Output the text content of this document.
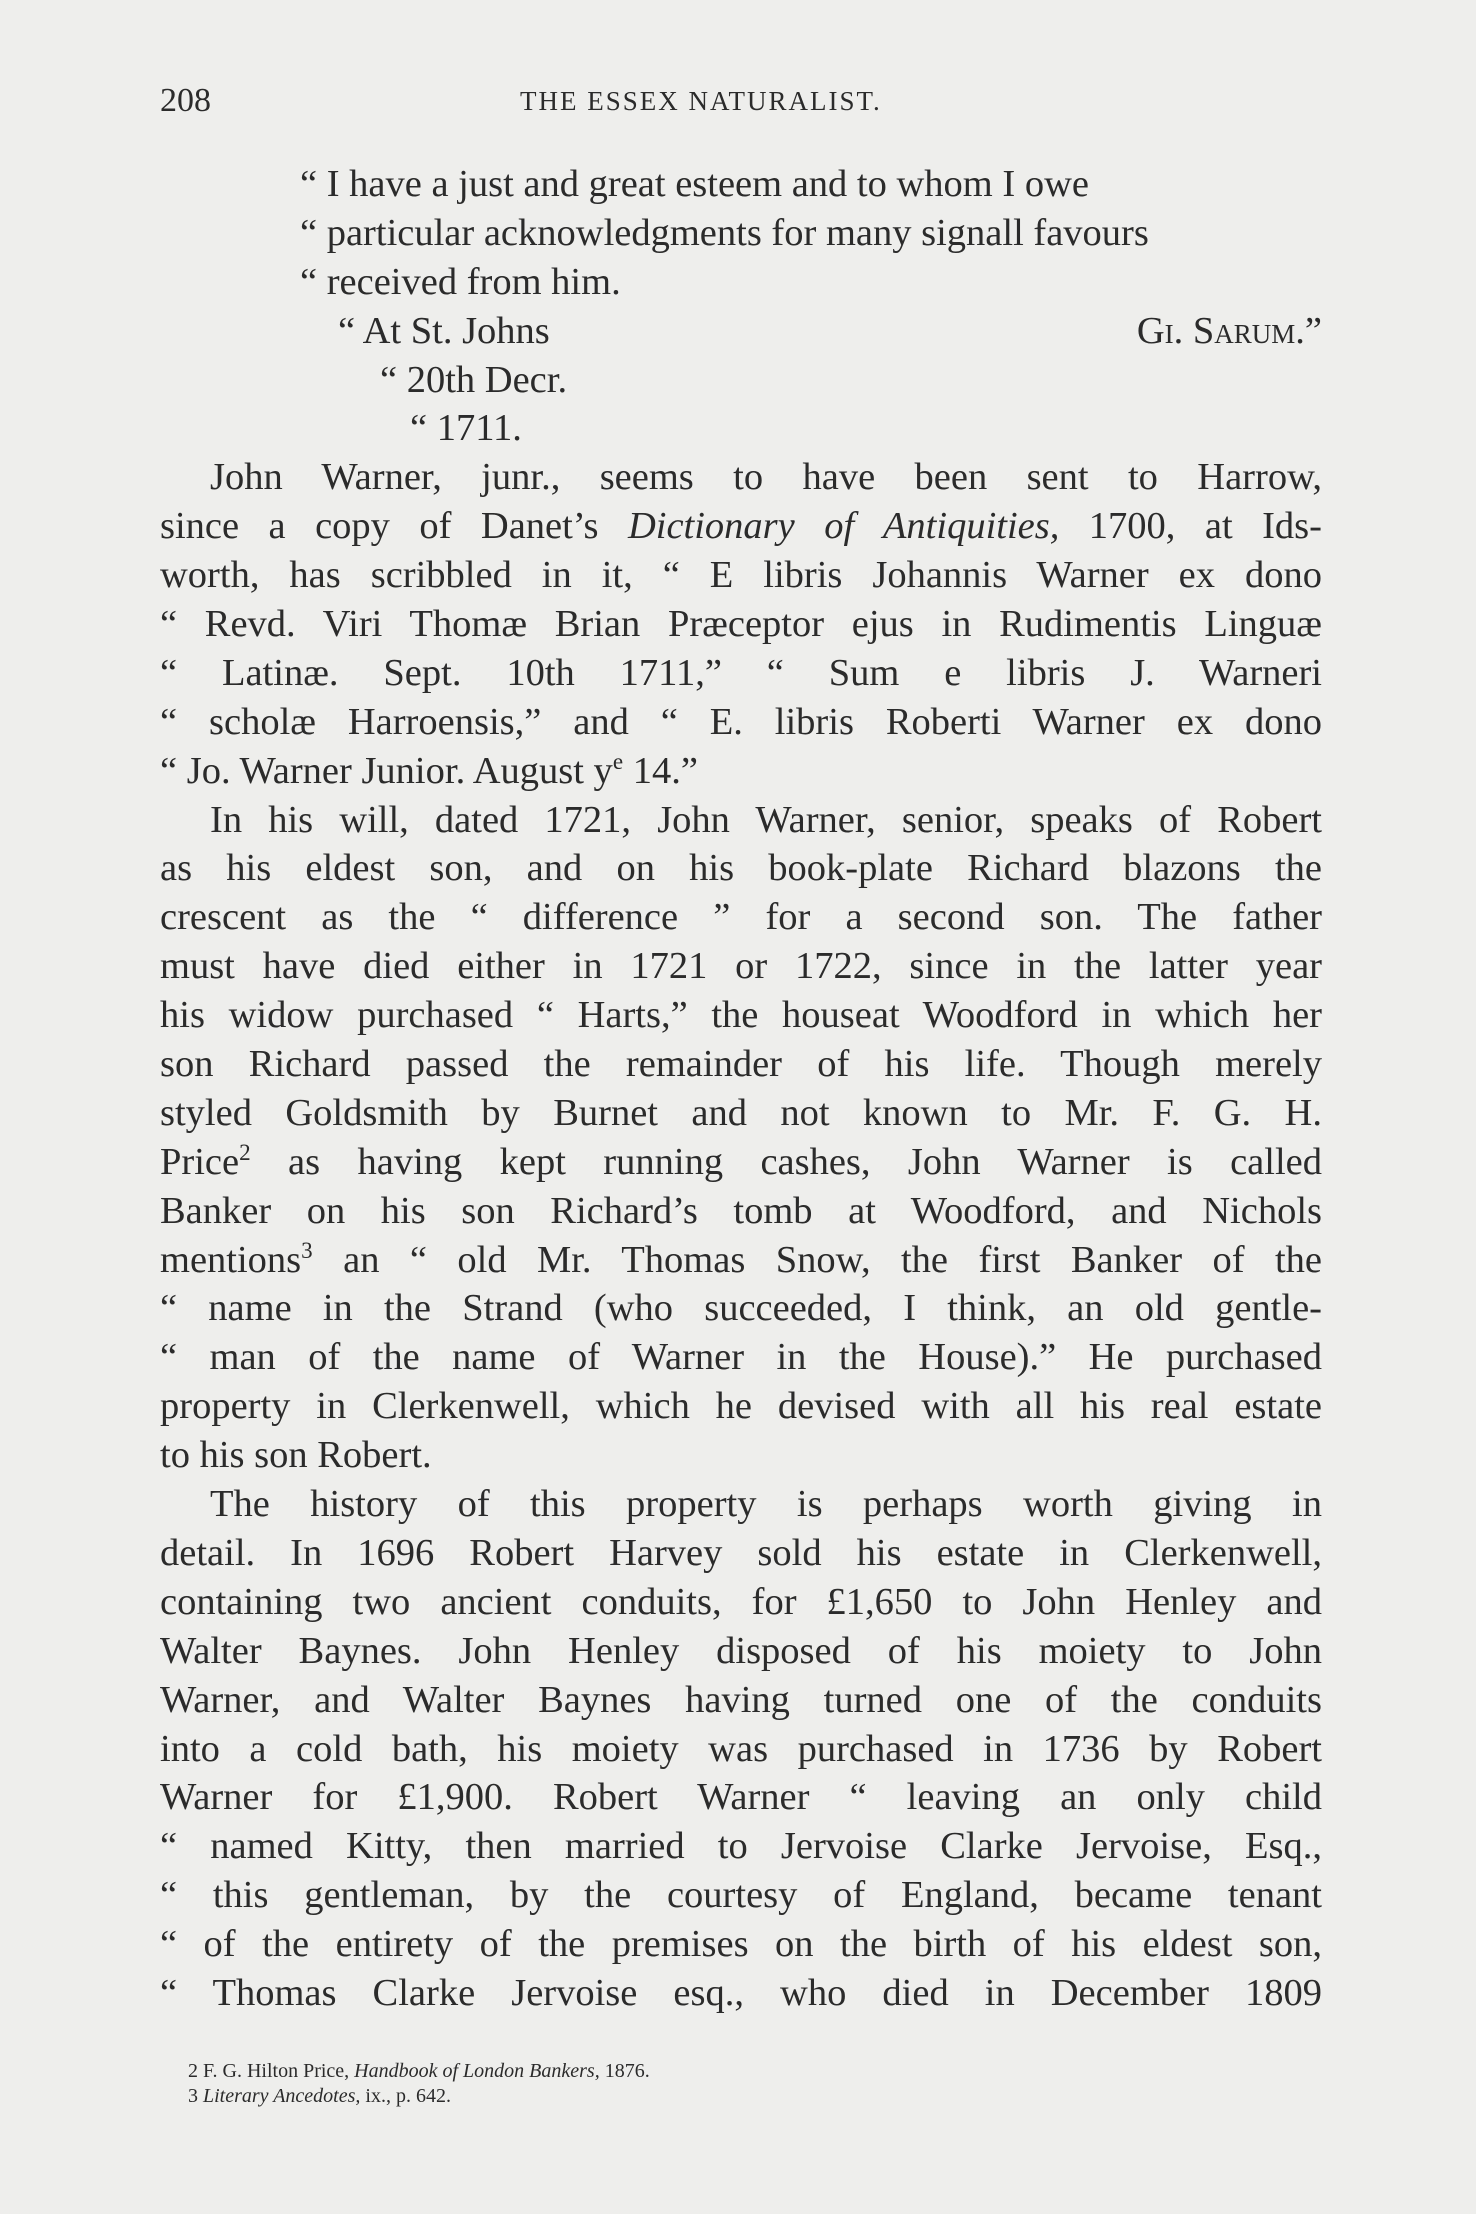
208	THE ESSEX NATURALIST.
“ I have a just and great esteem and to whom I owe
“ particular acknowledgments for many signall favours
“ received from him.
“ At St. Johns	Gi. Sarum.”
“ 20th Decr.
“ 1711.
John Warner, junr., seems to have been sent to Harrow,
since a copy of Danet’s Dictionary of Antiquities, 1700, at Ids-
worth, has scribbled in it, “ E libris Johannis Warner ex dono
“ Revd. Viri Thomæ Brian Præceptor ejus in Rudimentis Linguæ
“ Latinæ. Sept. 10th 1711,” “ Sum e libris J. Warneri
“ scholæ Harroensis,” and “ E. libris Roberti Warner ex dono
“ Jo. Warner Junior. August $y^e$ 14.”
In his will, dated 1721, John Warner, senior, speaks of Robert
as his eldest son, and on his book-plate Richard blazons the
crescent as the “ difference ” for a second son. The father
must have died either in 1721 or 1722, since in the latter year
his widow purchased “ Harts,” the houseat Woodford in which her
son Richard passed the remainder of his life. Though merely
styled Goldsmith by Burnet and not known to Mr. F. G. H.
Price$^2$ as having kept running cashes, John Warner is called
Banker on his son Richard’s tomb at Woodford, and Nichols
mentions$^3$ an “ old Mr. Thomas Snow, the first Banker of the
“ name in the Strand (who succeeded, I think, an old gentle-
“ man of the name of Warner in the House).” He purchased
property in Clerkenwell, which he devised with all his real estate
to his son Robert.
The history of this property is perhaps worth giving in
detail. In 1696 Robert Harvey sold his estate in Clerkenwell,
containing two ancient conduits, for £1,650 to John Henley and
Walter Baynes. John Henley disposed of his moiety to John
Warner, and Walter Baynes having turned one of the conduits
into a cold bath, his moiety was purchased in 1736 by Robert
Warner for £1,900. Robert Warner “ leaving an only child
“ named Kitty, then married to Jervoise Clarke Jervoise, Esq.,
“ this gentleman, by the courtesy of England, became tenant
“ of the entirety of the premises on the birth of his eldest son,
“ Thomas Clarke Jervoise esq., who died in December 1809
2 F. G. Hilton Price, Handbook of London Bankers, 1876.
3 Literary Ancedotes, ix., p. 642.
